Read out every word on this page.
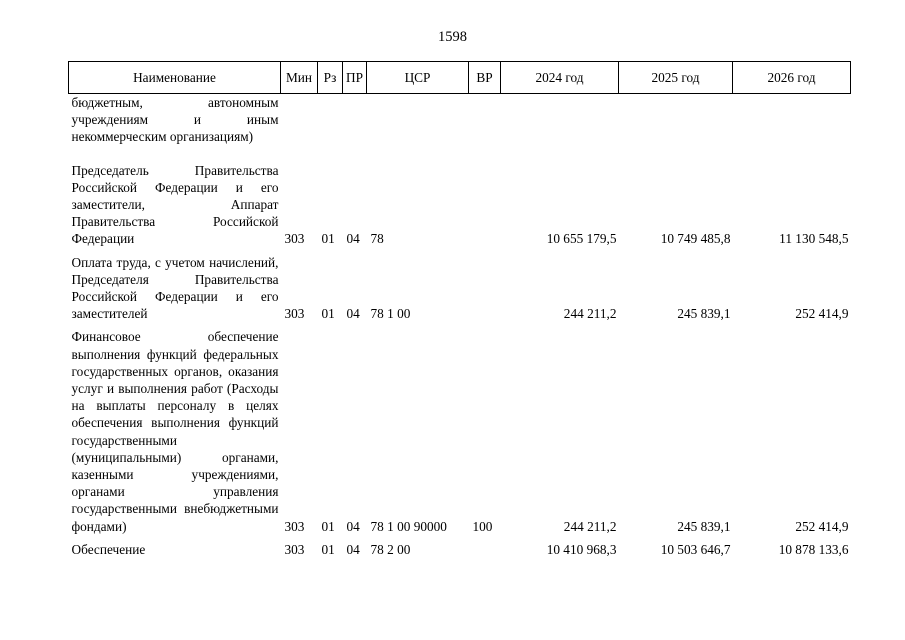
1598
Наименование	Мин	Рз	ПР	ЦСР	ВР	2024 год	2025 год	2026 год
бюджетным, автономным учреждениям и иным некоммерческим организациям)								
Председатель Правительства Российской Федерации и его заместители, Аппарат Правительства Российской Федерации	303	01	04	78		10 655 179,5	10 749 485,8	11 130 548,5
Оплата труда, с учетом начислений, Председателя Правительства Российской Федерации и его заместителей	303	01	04	78 1 00		244 211,2	245 839,1	252 414,9
Финансовое обеспечение выполнения функций федеральных государственных органов, оказания услуг и выполнения работ (Расходы на выплаты персоналу в целях обеспечения выполнения функций государственными (муниципальными) органами, казенными учреждениями, органами управления государственными внебюджетными фондами)	303	01	04	78 1 00 90000	100	244 211,2	245 839,1	252 414,9
Обеспечение	303	01	04	78 2 00		10 410 968,3	10 503 646,7	10 878 133,6
